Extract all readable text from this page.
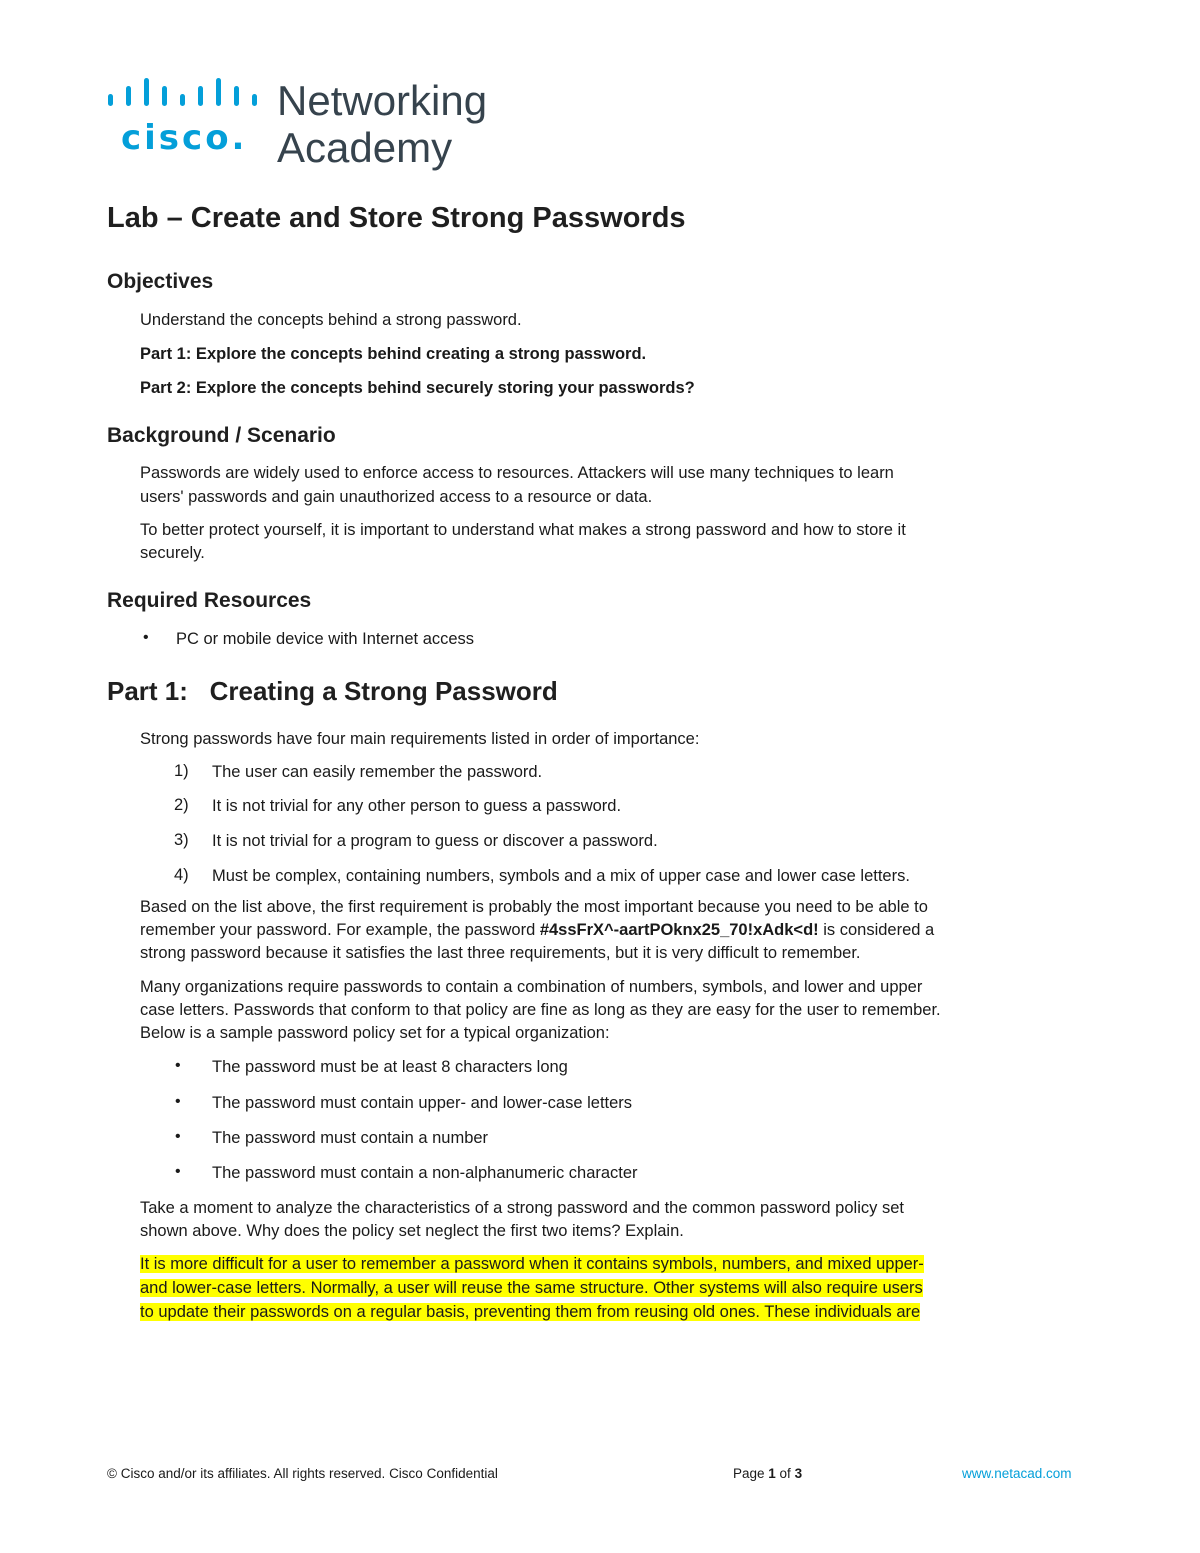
cisco.
Networking
Academy
Lab – Create and Store Strong Passwords
Objectives

Understand the concepts behind a strong password.

Part 1: Explore the concepts behind creating a strong password.

Part 2: Explore the concepts behind securely storing your passwords?

Background / Scenario

Passwords are widely used to enforce access to resources. Attackers will use many techniques to learn

users' passwords and gain unauthorized access to a resource or data.

To better protect yourself, it is important to understand what makes a strong password and how to store it

securely.

Required Resources
• PC or mobile device with Internet access

Part 1:   Creating a Strong Password

Strong passwords have four main requirements listed in order of importance:

1) The user can easily remember the password.

2) It is not trivial for any other person to guess a password.

3) It is not trivial for a program to guess or discover a password.

4) Must be complex, containing numbers, symbols and a mix of upper case and lower case letters.

Based on the list above, the first requirement is probably the most important because you need to be able to

remember your password. For example, the password #4ssFrX^-aartPOknx25_70!xAdk<d! is considered a

strong password because it satisfies the last three requirements, but it is very difficult to remember.

Many organizations require passwords to contain a combination of numbers, symbols, and lower and upper

case letters. Passwords that conform to that policy are fine as long as they are easy for the user to remember.

Below is a sample password policy set for a typical organization:

• The password must be at least 8 characters long

• The password must contain upper- and lower-case letters

• The password must contain a number

• The password must contain a non-alphanumeric character

Take a moment to analyze the characteristics of a strong password and the common password policy set

shown above. Why does the policy set neglect the first two items? Explain.

It is more difficult for a user to remember a password when it contains symbols, numbers, and mixed upper-
and lower-case letters. Normally, a user will reuse the same structure. Other systems will also require users
to update their passwords on a regular basis, preventing them from reusing old ones. These individuals are
© Cisco and/or its affiliates. All rights reserved. Cisco Confidential	Page 1 of 3	www.netacad.com
